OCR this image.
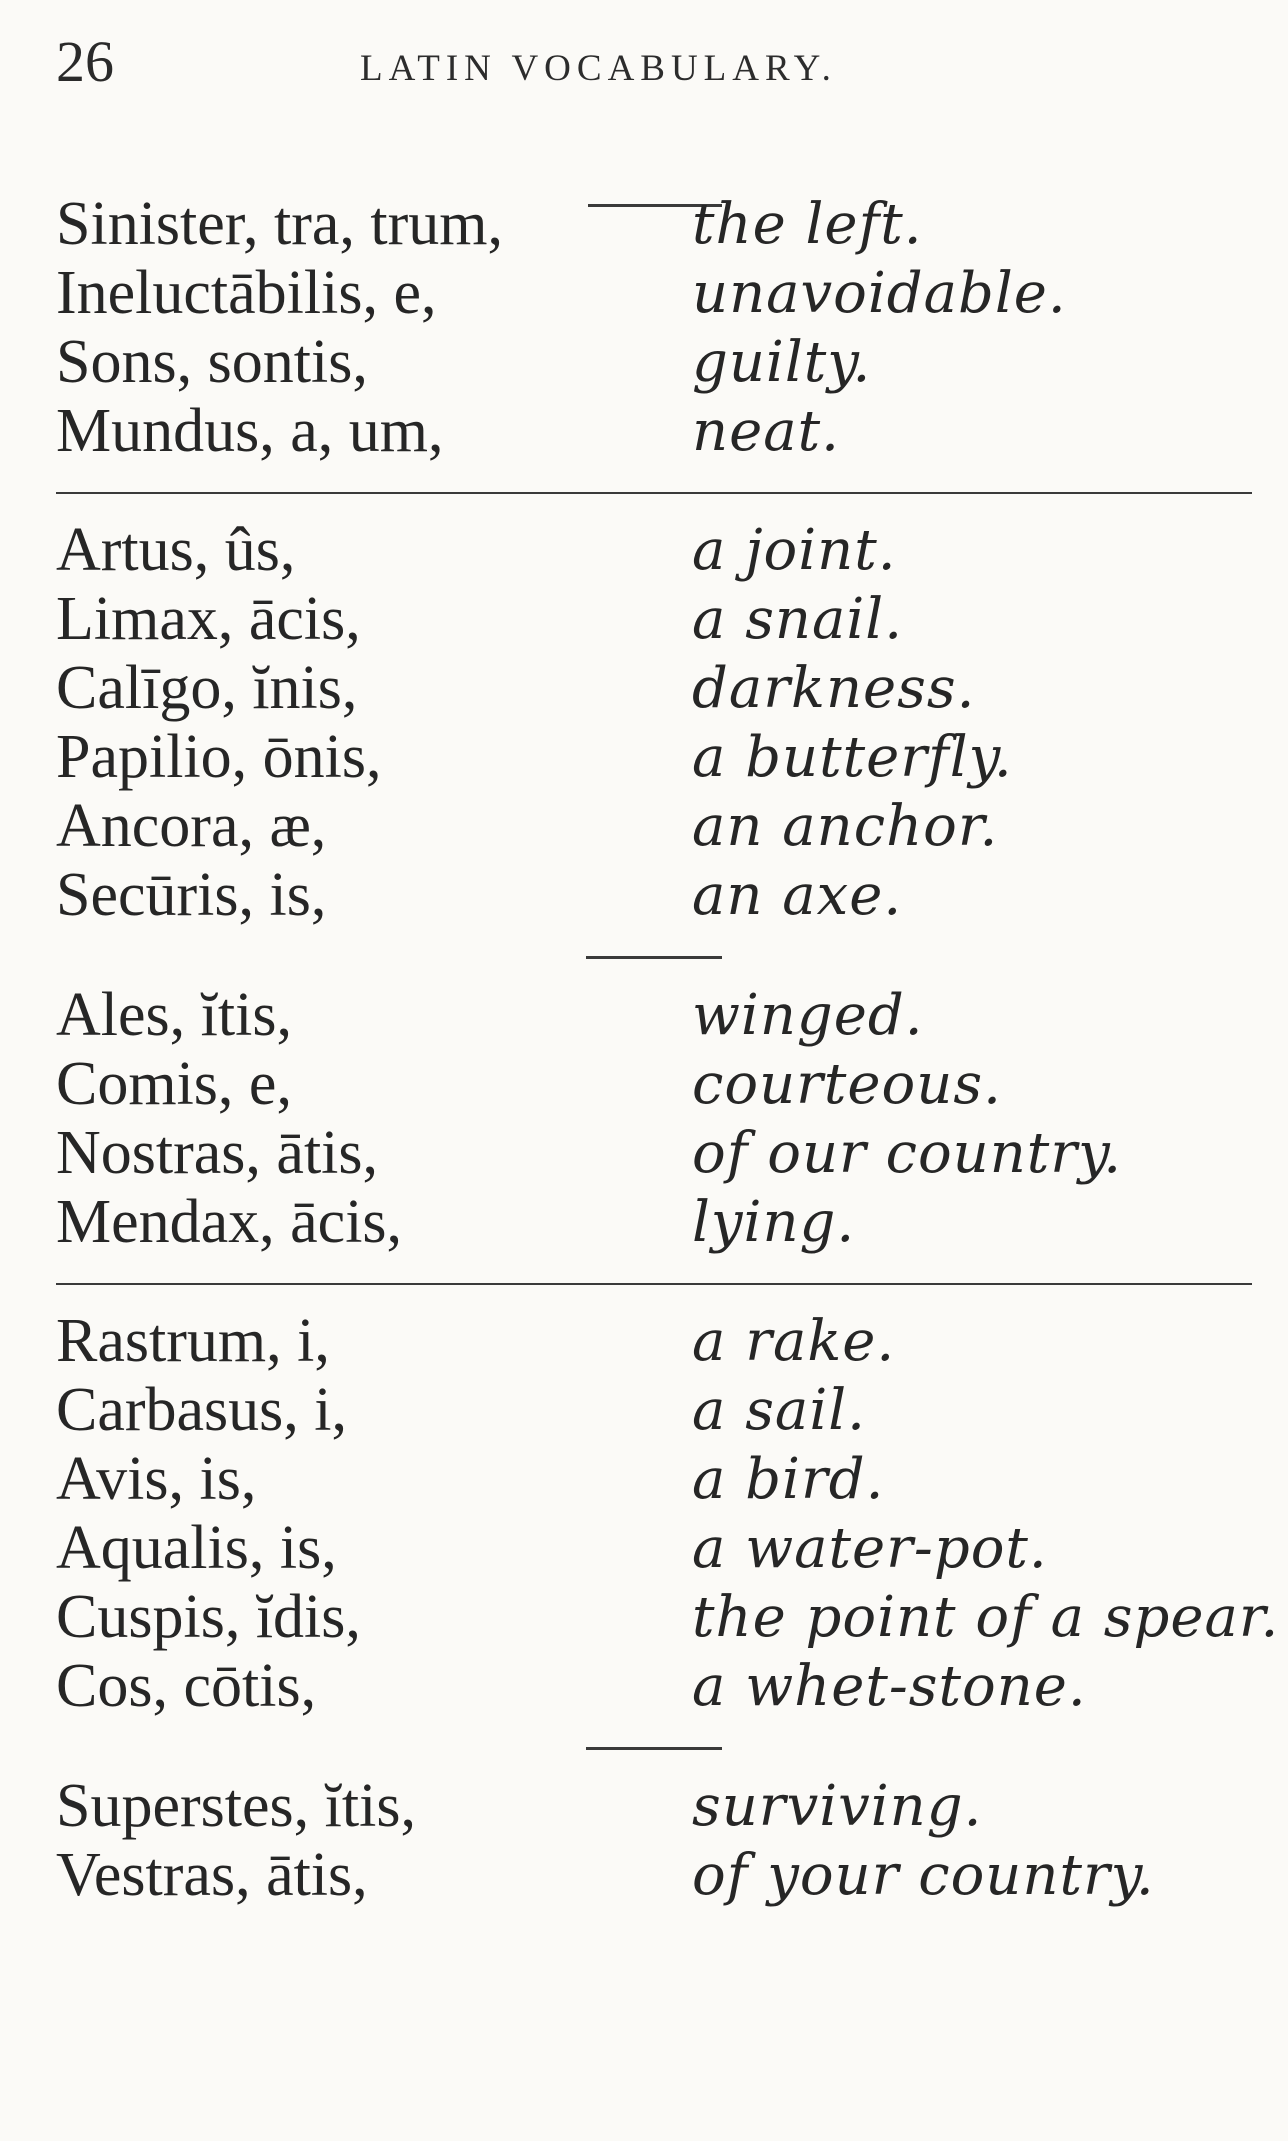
26	LATIN VOCABULARY.
Sinister, tra, trum,	the left.
Ineluctābilis, e,	unavoidable.
Sons, sontis,	guilty.
Mundus, a, um,	neat.
Artus, ûs,	a joint.
Limax, ācis,	a snail.
Calīgo, ĭnis,	darkness.
Papilio, ōnis,	a butterfly.
Ancora, æ,	an anchor.
Secūris, is,	an axe.
Ales, ĭtis,	winged.
Comis, e,	courteous.
Nostras, ātis,	of our country.
Mendax, ācis,	lying.
Rastrum, i,	a rake.
Carbasus, i,	a sail.
Avis, is,	a bird.
Aqualis, is,	a water-pot.
Cuspis, ĭdis,	the point of a spear.
Cos, cōtis,	a whet-stone.
Superstes, ĭtis,	surviving.
Vestras, ātis,	of your country.
